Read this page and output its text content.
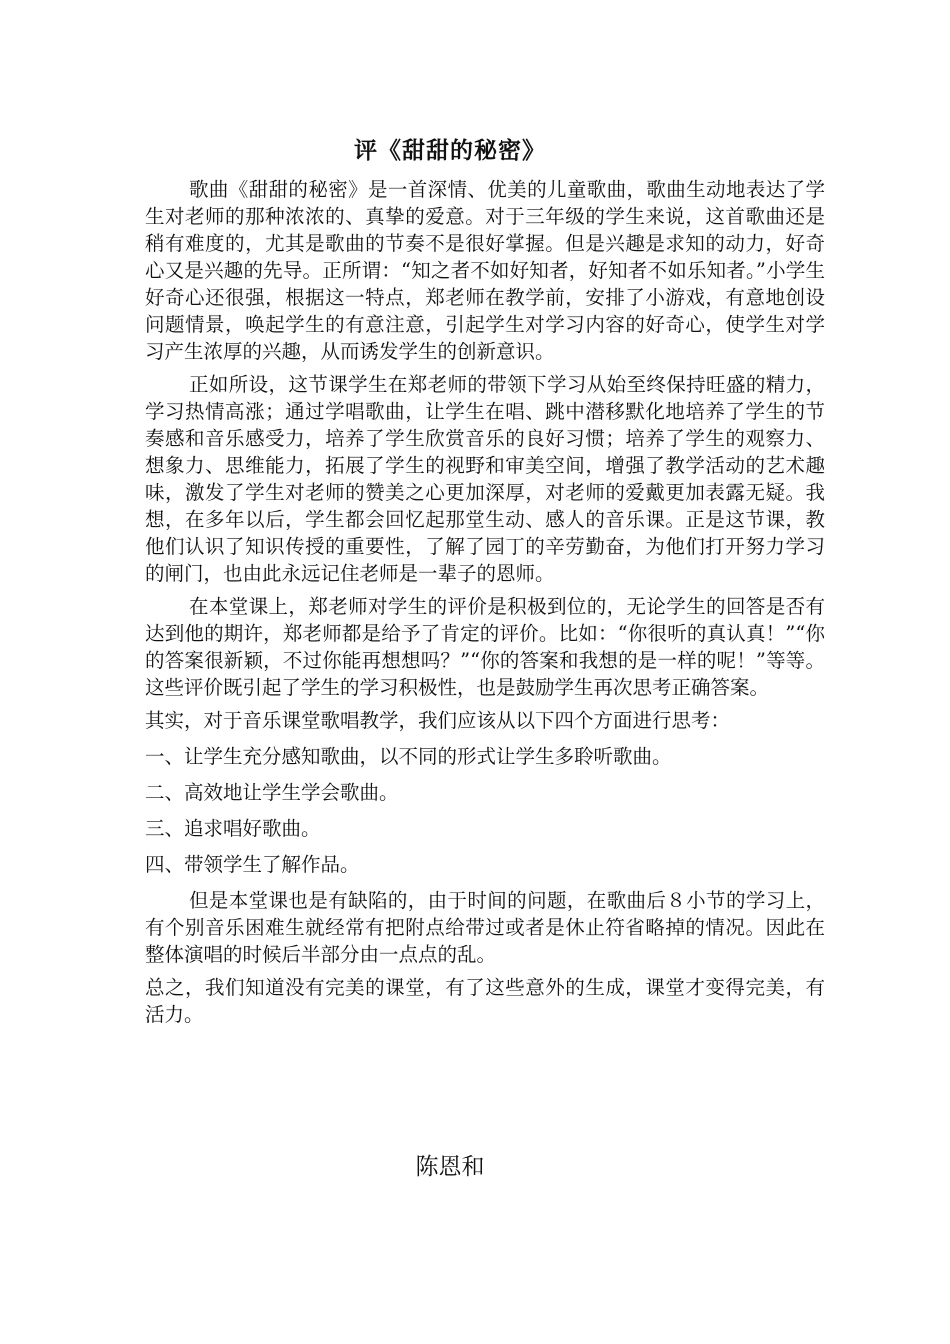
评《甜甜的秘密》

歌曲《甜甜的秘密》是一首深情、优美的儿童歌曲，歌曲生动地表达了学生对老师的那种浓浓的、真挚的爱意。对于三年级的学生来说，这首歌曲还是稍有难度的，尤其是歌曲的节奏不是很好掌握。但是兴趣是求知的动力，好奇心又是兴趣的先导。正所谓：“知之者不如好知者，好知者不如乐知者。”小学生好奇心还很强，根据这一特点，郑老师在教学前，安排了小游戏，有意地创设问题情景，唤起学生的有意注意，引起学生对学习内容的好奇心，使学生对学习产生浓厚的兴趣，从而诱发学生的创新意识。

正如所设，这节课学生在郑老师的带领下学习从始至终保持旺盛的精力，学习热情高涨；通过学唱歌曲，让学生在唱、跳中潜移默化地培养了学生的节奏感和音乐感受力，培养了学生欣赏音乐的良好习惯；培养了学生的观察力、想象力、思维能力，拓展了学生的视野和审美空间，增强了教学活动的艺术趣味，激发了学生对老师的赞美之心更加深厚，对老师的爱戴更加表露无疑。我想，在多年以后，学生都会回忆起那堂生动、感人的音乐课。正是这节课，教他们认识了知识传授的重要性，了解了园丁的辛劳勤奋，为他们打开努力学习的闸门，也由此永远记住老师是一辈子的恩师。

在本堂课上，郑老师对学生的评价是积极到位的，无论学生的回答是否有达到他的期许，郑老师都是给予了肯定的评价。比如：“你很听的真认真！”“你的答案很新颖，不过你能再想想吗？”“你的答案和我想的是一样的呢！”等等。这些评价既引起了学生的学习积极性，也是鼓励学生再次思考正确答案。

其实，对于音乐课堂歌唱教学，我们应该从以下四个方面进行思考：

一、让学生充分感知歌曲，以不同的形式让学生多聆听歌曲。

二、高效地让学生学会歌曲。

三、追求唱好歌曲。

四、带领学生了解作品。

但是本堂课也是有缺陷的，由于时间的问题，在歌曲后８小节的学习上，有个别音乐困难生就经常有把附点给带过或者是休止符省略掉的情况。因此在整体演唱的时候后半部分由一点点的乱。

总之，我们知道没有完美的课堂，有了这些意外的生成，课堂才变得完美，有活力。

陈恩和
